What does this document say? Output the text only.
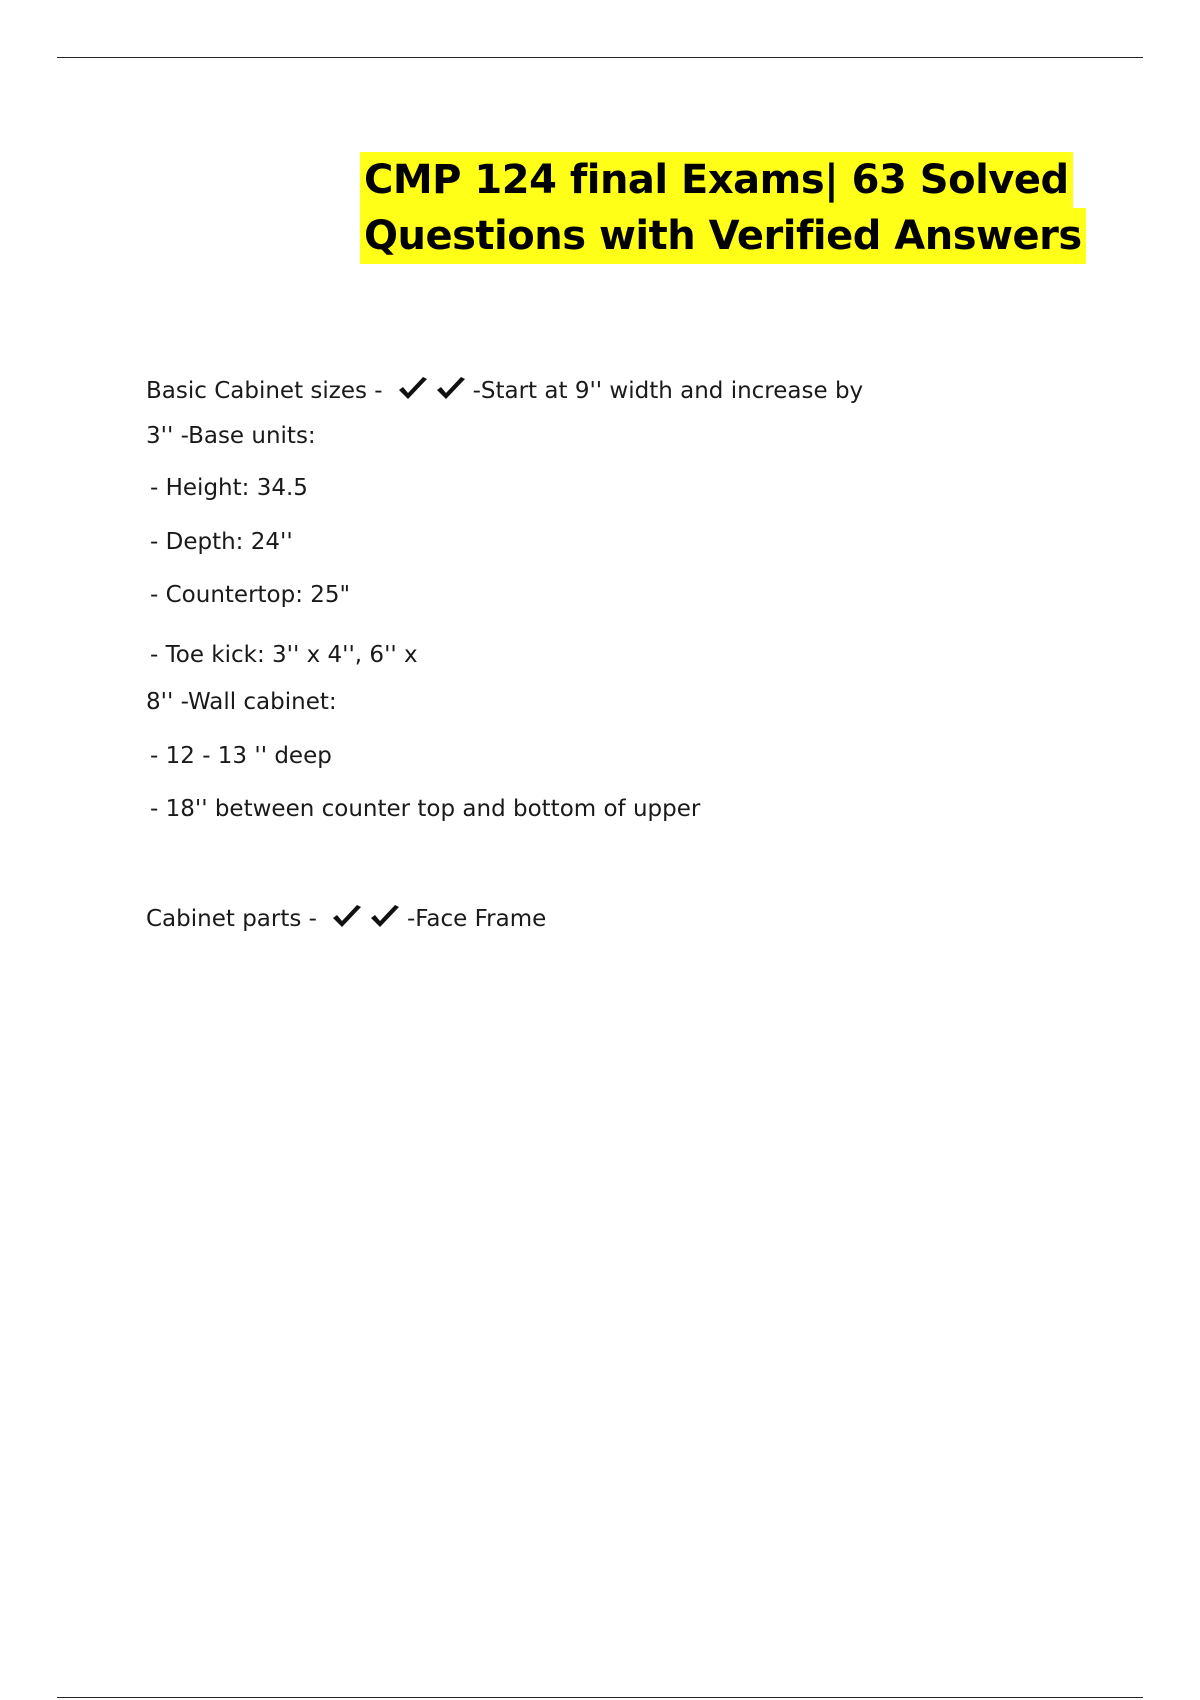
CMP 124 final Exams| 63 Solved
Questions with Verified Answers
Basic Cabinet sizes -	-Start at 9'' width and increase by
3'' -Base units:
- Height: 34.5
- Depth: 24''
- Countertop: 25"
- Toe kick: 3'' x 4'', 6'' x
8'' -Wall cabinet:
- 12 - 13 '' deep
- 18'' between counter top and bottom of upper
Cabinet parts -	-Face Frame
